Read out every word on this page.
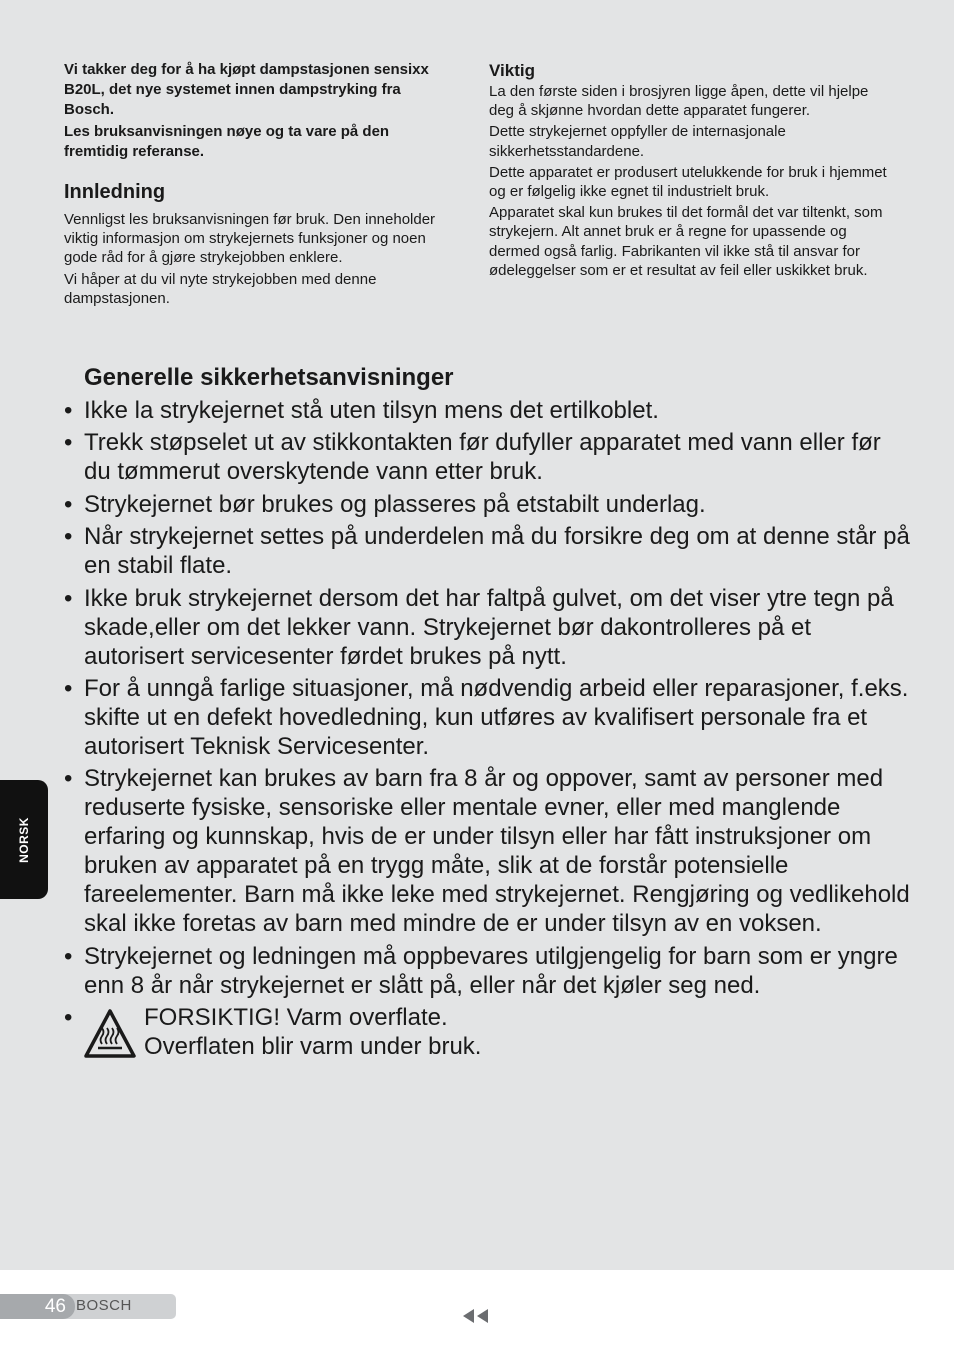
Vi takker deg for å ha kjøpt dampstasjonen sensixx B20L, det nye systemet innen dampstryking fra Bosch.

Les bruksanvisningen nøye og ta vare på den fremtidig referanse.

Innledning

Vennligst les bruksanvisningen før bruk. Den inneholder viktig informasjon om strykejernets funksjoner og noen gode råd for å gjøre strykejobben enklere.

Vi håper at du vil nyte strykejobben med denne dampstasjonen.

Viktig

La den første siden i brosjyren ligge åpen, dette vil hjelpe deg å skjønne hvordan dette apparatet fungerer.

Dette strykejernet oppfyller de internasjonale sikkerhetsstandardene.

Dette apparatet er produsert utelukkende for bruk i hjemmet og er følgelig ikke egnet til industrielt bruk.

Apparatet skal kun brukes til det formål det var tiltenkt, som strykejern. Alt annet bruk er å regne for upassende og dermed også farlig. Fabrikanten vil ikke stå til ansvar for ødeleggelser som er et resultat av feil eller uskikket bruk.

Generelle sikkerhetsanvisninger
• Ikke la strykejernet stå uten tilsyn mens det ertilkoblet.
• Trekk støpselet ut av stikkontakten før dufyller apparatet med vann eller før du tømmerut overskytende vann etter bruk.
• Strykejernet bør brukes og plasseres på etstabilt underlag.
• Når strykejernet settes på underdelen må du forsikre deg om at denne står på en stabil flate.
• Ikke bruk strykejernet dersom det har faltpå gulvet, om det viser ytre tegn på skade,eller om det lekker vann. Strykejernet bør dakontrolleres på et autorisert servicesenter førdet brukes på nytt.
• For å unngå farlige situasjoner, må nødvendig arbeid eller reparasjoner, f.eks. skifte ut en defekt hovedledning, kun utføres av kvalifisert personale fra et autorisert Teknisk Servicesenter.
• Strykejernet kan brukes av barn fra 8 år og oppover, samt av personer med reduserte fysiske, sensoriske eller mentale evner, eller med manglende erfaring og kunnskap, hvis de er under tilsyn eller har fått instruksjoner om bruken av apparatet på en trygg måte, slik at de forstår potensielle fareelementer. Barn må ikke leke med strykejernet. Rengjøring og vedlikehold skal ikke foretas av barn med mindre de er under tilsyn av en voksen.
• Strykejernet og ledningen må oppbevares utilgjengelig for barn som er yngre enn 8 år når strykejernet er slått på, eller når det kjøler seg ned.
•	FORSIKTIG! Varm overflate.
Overflaten blir varm under bruk.
NORSK
46 BOSCH
